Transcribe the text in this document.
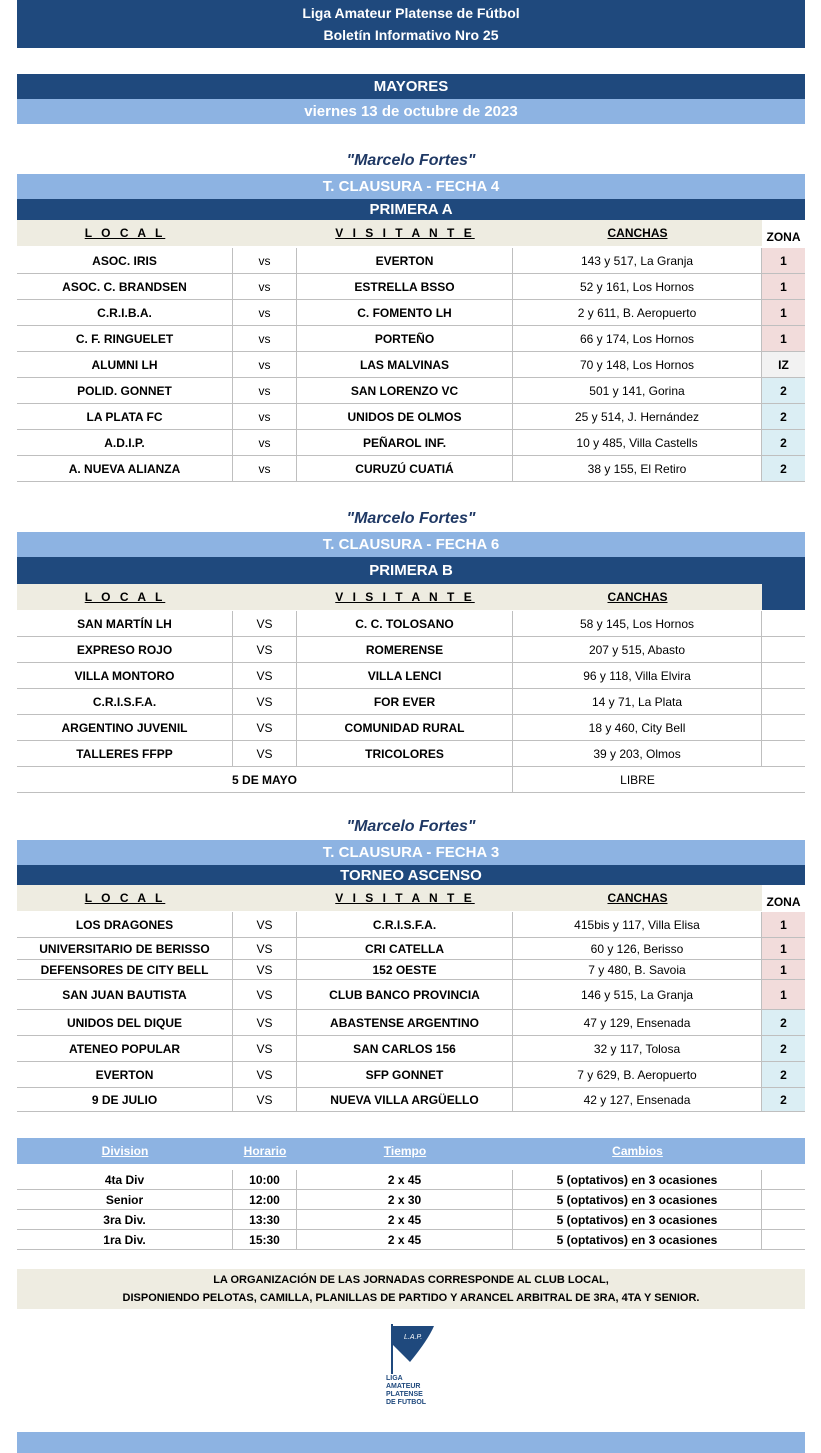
Liga Amateur Platense de Fútbol
Boletín Informativo Nro 25
MAYORES
viernes 13 de octubre de 2023
"Marcelo Fortes"
T. CLAUSURA - FECHA 4
PRIMERA A
L O C A L	V I S I T A N T E	CANCHAS	ZONA
ASOC. IRIS	vs	EVERTON	143 y 517, La Granja	1
ASOC. C. BRANDSEN	vs	ESTRELLA BSSO	52 y 161, Los Hornos	1
C.R.I.B.A.	vs	C. FOMENTO LH	2 y 611, B. Aeropuerto	1
C. F. RINGUELET	vs	PORTEÑO	66 y 174, Los Hornos	1
ALUMNI LH	vs	LAS MALVINAS	70 y 148, Los Hornos	IZ
POLID. GONNET	vs	SAN LORENZO VC	501 y 141, Gorina	2
LA PLATA FC	vs	UNIDOS DE OLMOS	25 y 514, J. Hernández	2
A.D.I.P.	vs	PEÑAROL INF.	10 y 485, Villa Castells	2
A. NUEVA ALIANZA	vs	CURUZÚ CUATIÁ	38 y 155, El Retiro	2
"Marcelo Fortes"
T. CLAUSURA - FECHA 6
PRIMERA B
L O C A L	V I S I T A N T E	CANCHAS
SAN MARTÍN LH	VS	C. C. TOLOSANO	58 y 145, Los Hornos
EXPRESO ROJO	VS	ROMERENSE	207 y 515, Abasto
VILLA MONTORO	VS	VILLA LENCI	96 y 118, Villa Elvira
C.R.I.S.F.A.	VS	FOR EVER	14 y 71, La Plata
ARGENTINO JUVENIL	VS	COMUNIDAD RURAL	18 y 460, City Bell
TALLERES FFPP	VS	TRICOLORES	39 y 203, Olmos
5 DE MAYO	LIBRE
"Marcelo Fortes"
T. CLAUSURA - FECHA 3
TORNEO ASCENSO
L O C A L	V I S I T A N T E	CANCHAS	ZONA
LOS DRAGONES	VS	C.R.I.S.F.A.	415bis y 117, Villa Elisa	1
UNIVERSITARIO DE BERISSO	VS	CRI CATELLA	60 y 126, Berisso	1
DEFENSORES DE CITY BELL	VS	152 OESTE	7 y 480, B. Savoia	1
SAN JUAN BAUTISTA	VS	CLUB BANCO PROVINCIA	146 y 515, La Granja	1
UNIDOS DEL DIQUE	VS	ABASTENSE ARGENTINO	47 y 129, Ensenada	2
ATENEO POPULAR	VS	SAN CARLOS 156	32 y 117, Tolosa	2
EVERTON	VS	SFP GONNET	7 y 629, B. Aeropuerto	2
9 DE JULIO	VS	NUEVA VILLA ARGÜELLO	42 y 127, Ensenada	2
Division	Horario	Tiempo	Cambios
4ta Div	10:00	2 x 45	5 (optativos) en 3 ocasiones
Senior	12:00	2 x 30	5 (optativos) en 3 ocasiones
3ra Div.	13:30	2 x 45	5 (optativos) en 3 ocasiones
1ra Div.	15:30	2 x 45	5 (optativos) en 3 ocasiones
LA ORGANIZACIÓN DE LAS JORNADAS CORRESPONDE AL CLUB LOCAL,
DISPONIENDO PELOTAS, CAMILLA, PLANILLAS DE PARTIDO Y ARANCEL ARBITRAL DE 3RA, 4TA Y SENIOR.
L.A.P.
LIGA
AMATEUR
PLATENSE
DE FUTBOL
